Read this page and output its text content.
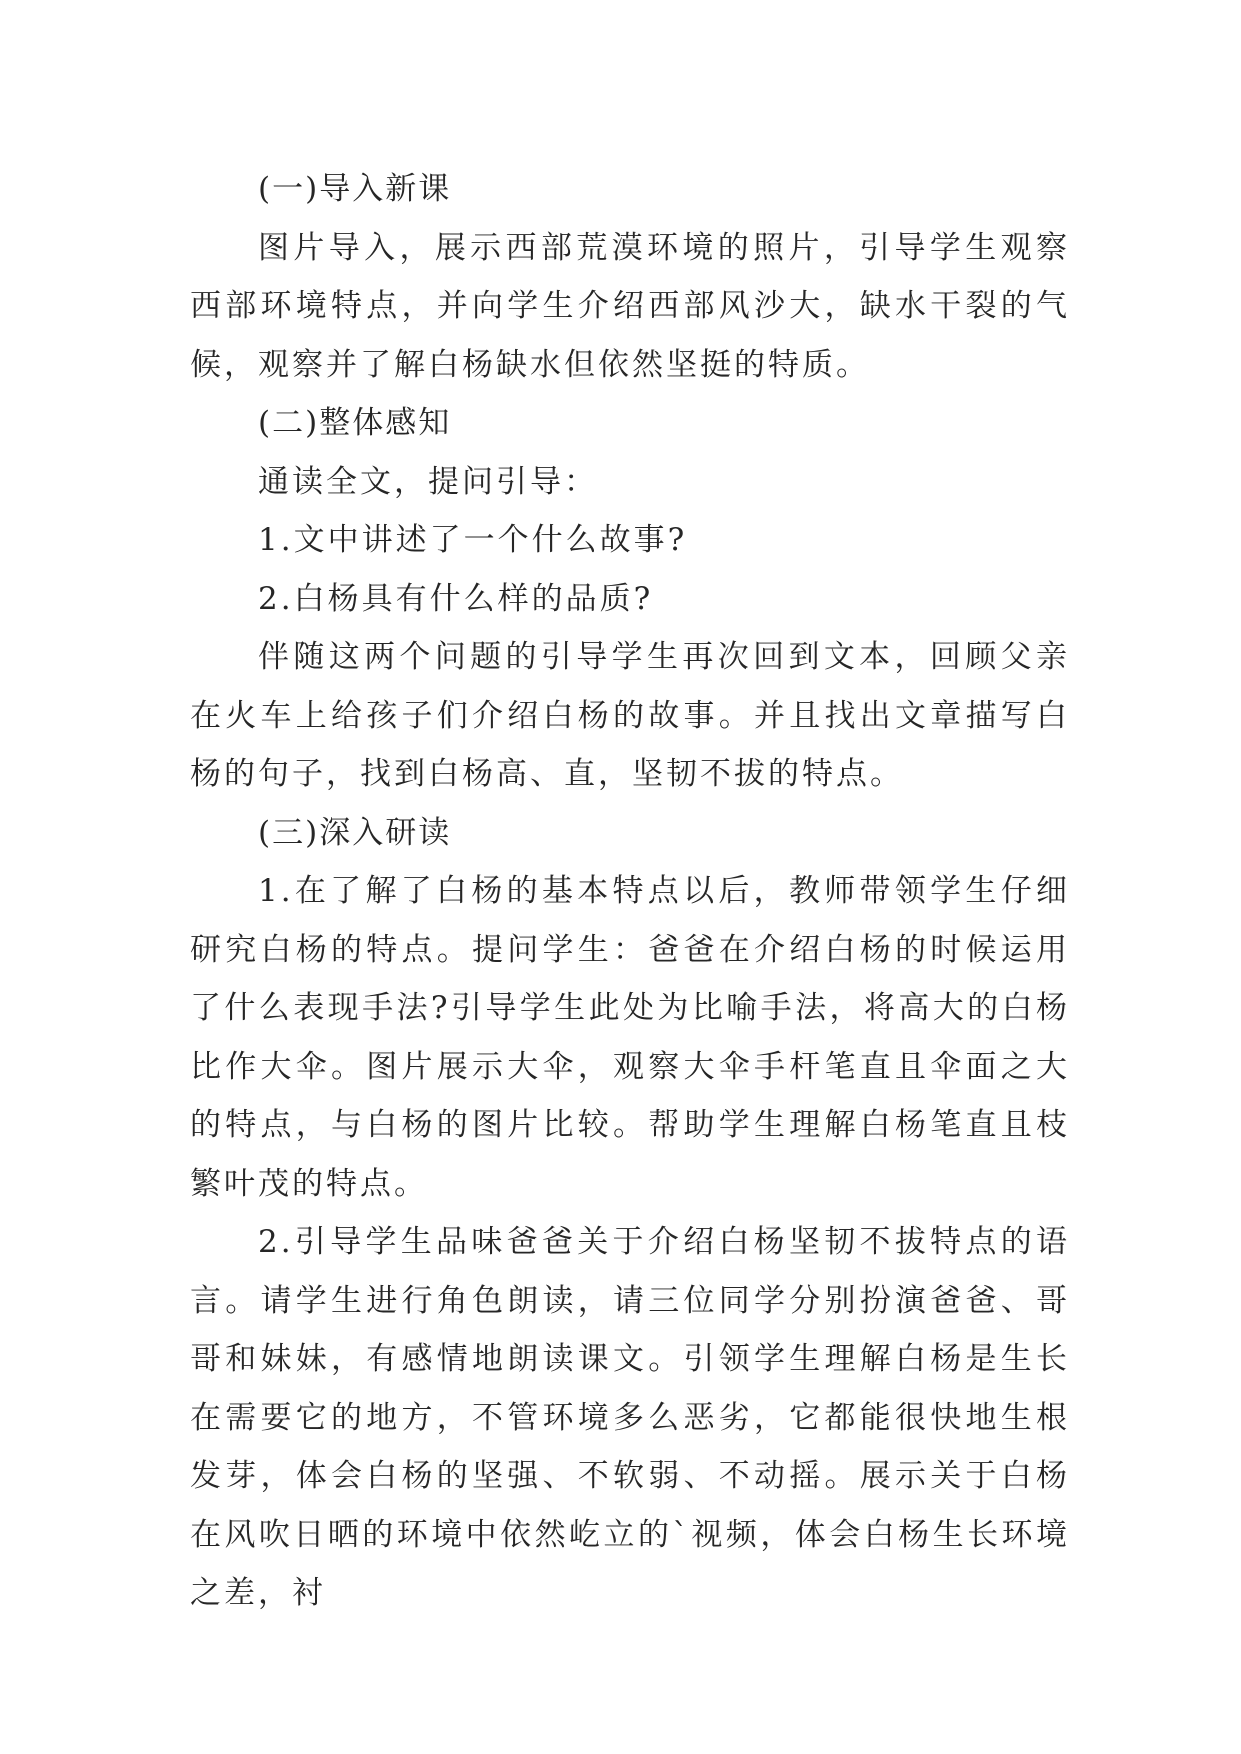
(一)导入新课

图片导入，展示西部荒漠环境的照片，引导学生观察西部环境特点，并向学生介绍西部风沙大，缺水干裂的气候，观察并了解白杨缺水但依然坚挺的特质。

(二)整体感知

通读全文，提问引导：

1.文中讲述了一个什么故事?

2.白杨具有什么样的品质?

伴随这两个问题的引导学生再次回到文本，回顾父亲在火车上给孩子们介绍白杨的故事。并且找出文章描写白杨的句子，找到白杨高、直，坚韧不拔的特点。

(三)深入研读

1.在了解了白杨的基本特点以后，教师带领学生仔细研究白杨的特点。提问学生：爸爸在介绍白杨的时候运用了什么表现手法?引导学生此处为比喻手法，将高大的白杨比作大伞。图片展示大伞，观察大伞手杆笔直且伞面之大的特点，与白杨的图片比较。帮助学生理解白杨笔直且枝繁叶茂的特点。

2.引导学生品味爸爸关于介绍白杨坚韧不拔特点的语言。请学生进行角色朗读，请三位同学分别扮演爸爸、哥哥和妹妹，有感情地朗读课文。引领学生理解白杨是生长在需要它的地方，不管环境多么恶劣，它都能很快地生根发芽，体会白杨的坚强、不软弱、不动摇。展示关于白杨在风吹日晒的环境中依然屹立的`视频，体会白杨生长环境之差，衬
